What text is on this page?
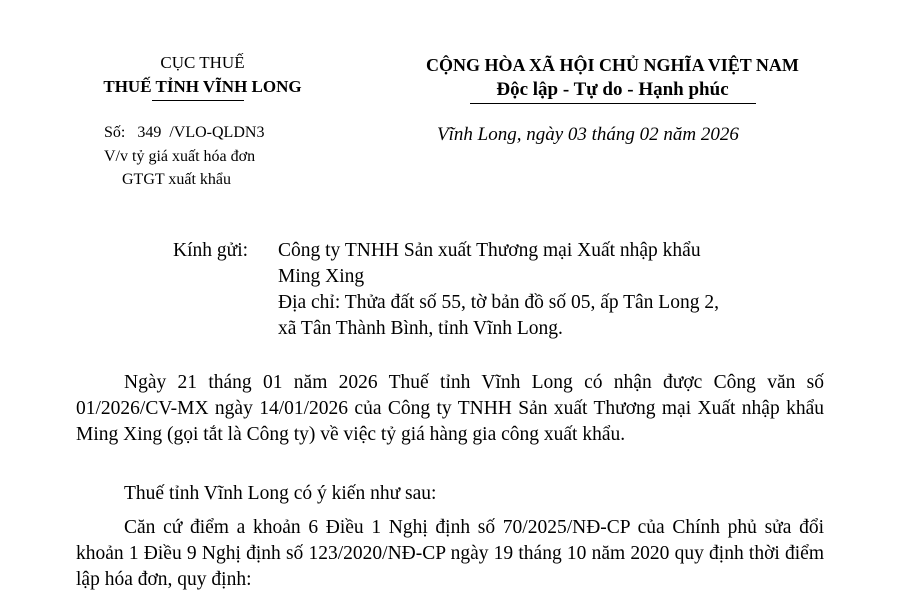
CỤC THUẾ
THUẾ TỈNH VĨNH LONG
Số: 349 /VLO-QLDN3
V/v tỷ giá xuất hóa đơn
GTGT xuất khẩu
CỘNG HÒA XÃ HỘI CHỦ NGHĨA VIỆT NAM
Độc lập - Tự do - Hạnh phúc
Vĩnh Long, ngày 03 tháng 02 năm 2026
Kính gửi: Công ty TNHH Sản xuất Thương mại Xuất nhập khẩu
Ming Xing
Địa chỉ: Thửa đất số 55, tờ bản đồ số 05, ấp Tân Long 2,
xã Tân Thành Bình, tỉnh Vĩnh Long.
Ngày 21 tháng 01 năm 2026 Thuế tỉnh Vĩnh Long có nhận được Công văn số 01/2026/CV-MX ngày 14/01/2026 của Công ty TNHH Sản xuất Thương mại Xuất nhập khẩu Ming Xing (gọi tắt là Công ty) về việc tỷ giá hàng gia công xuất khẩu.
Thuế tỉnh Vĩnh Long có ý kiến như sau:
Căn cứ điểm a khoản 6 Điều 1 Nghị định số 70/2025/NĐ-CP của Chính phủ sửa đổi khoản 1 Điều 9 Nghị định số 123/2020/NĐ-CP ngày 19 tháng 10 năm 2020 quy định thời điểm lập hóa đơn, quy định:
